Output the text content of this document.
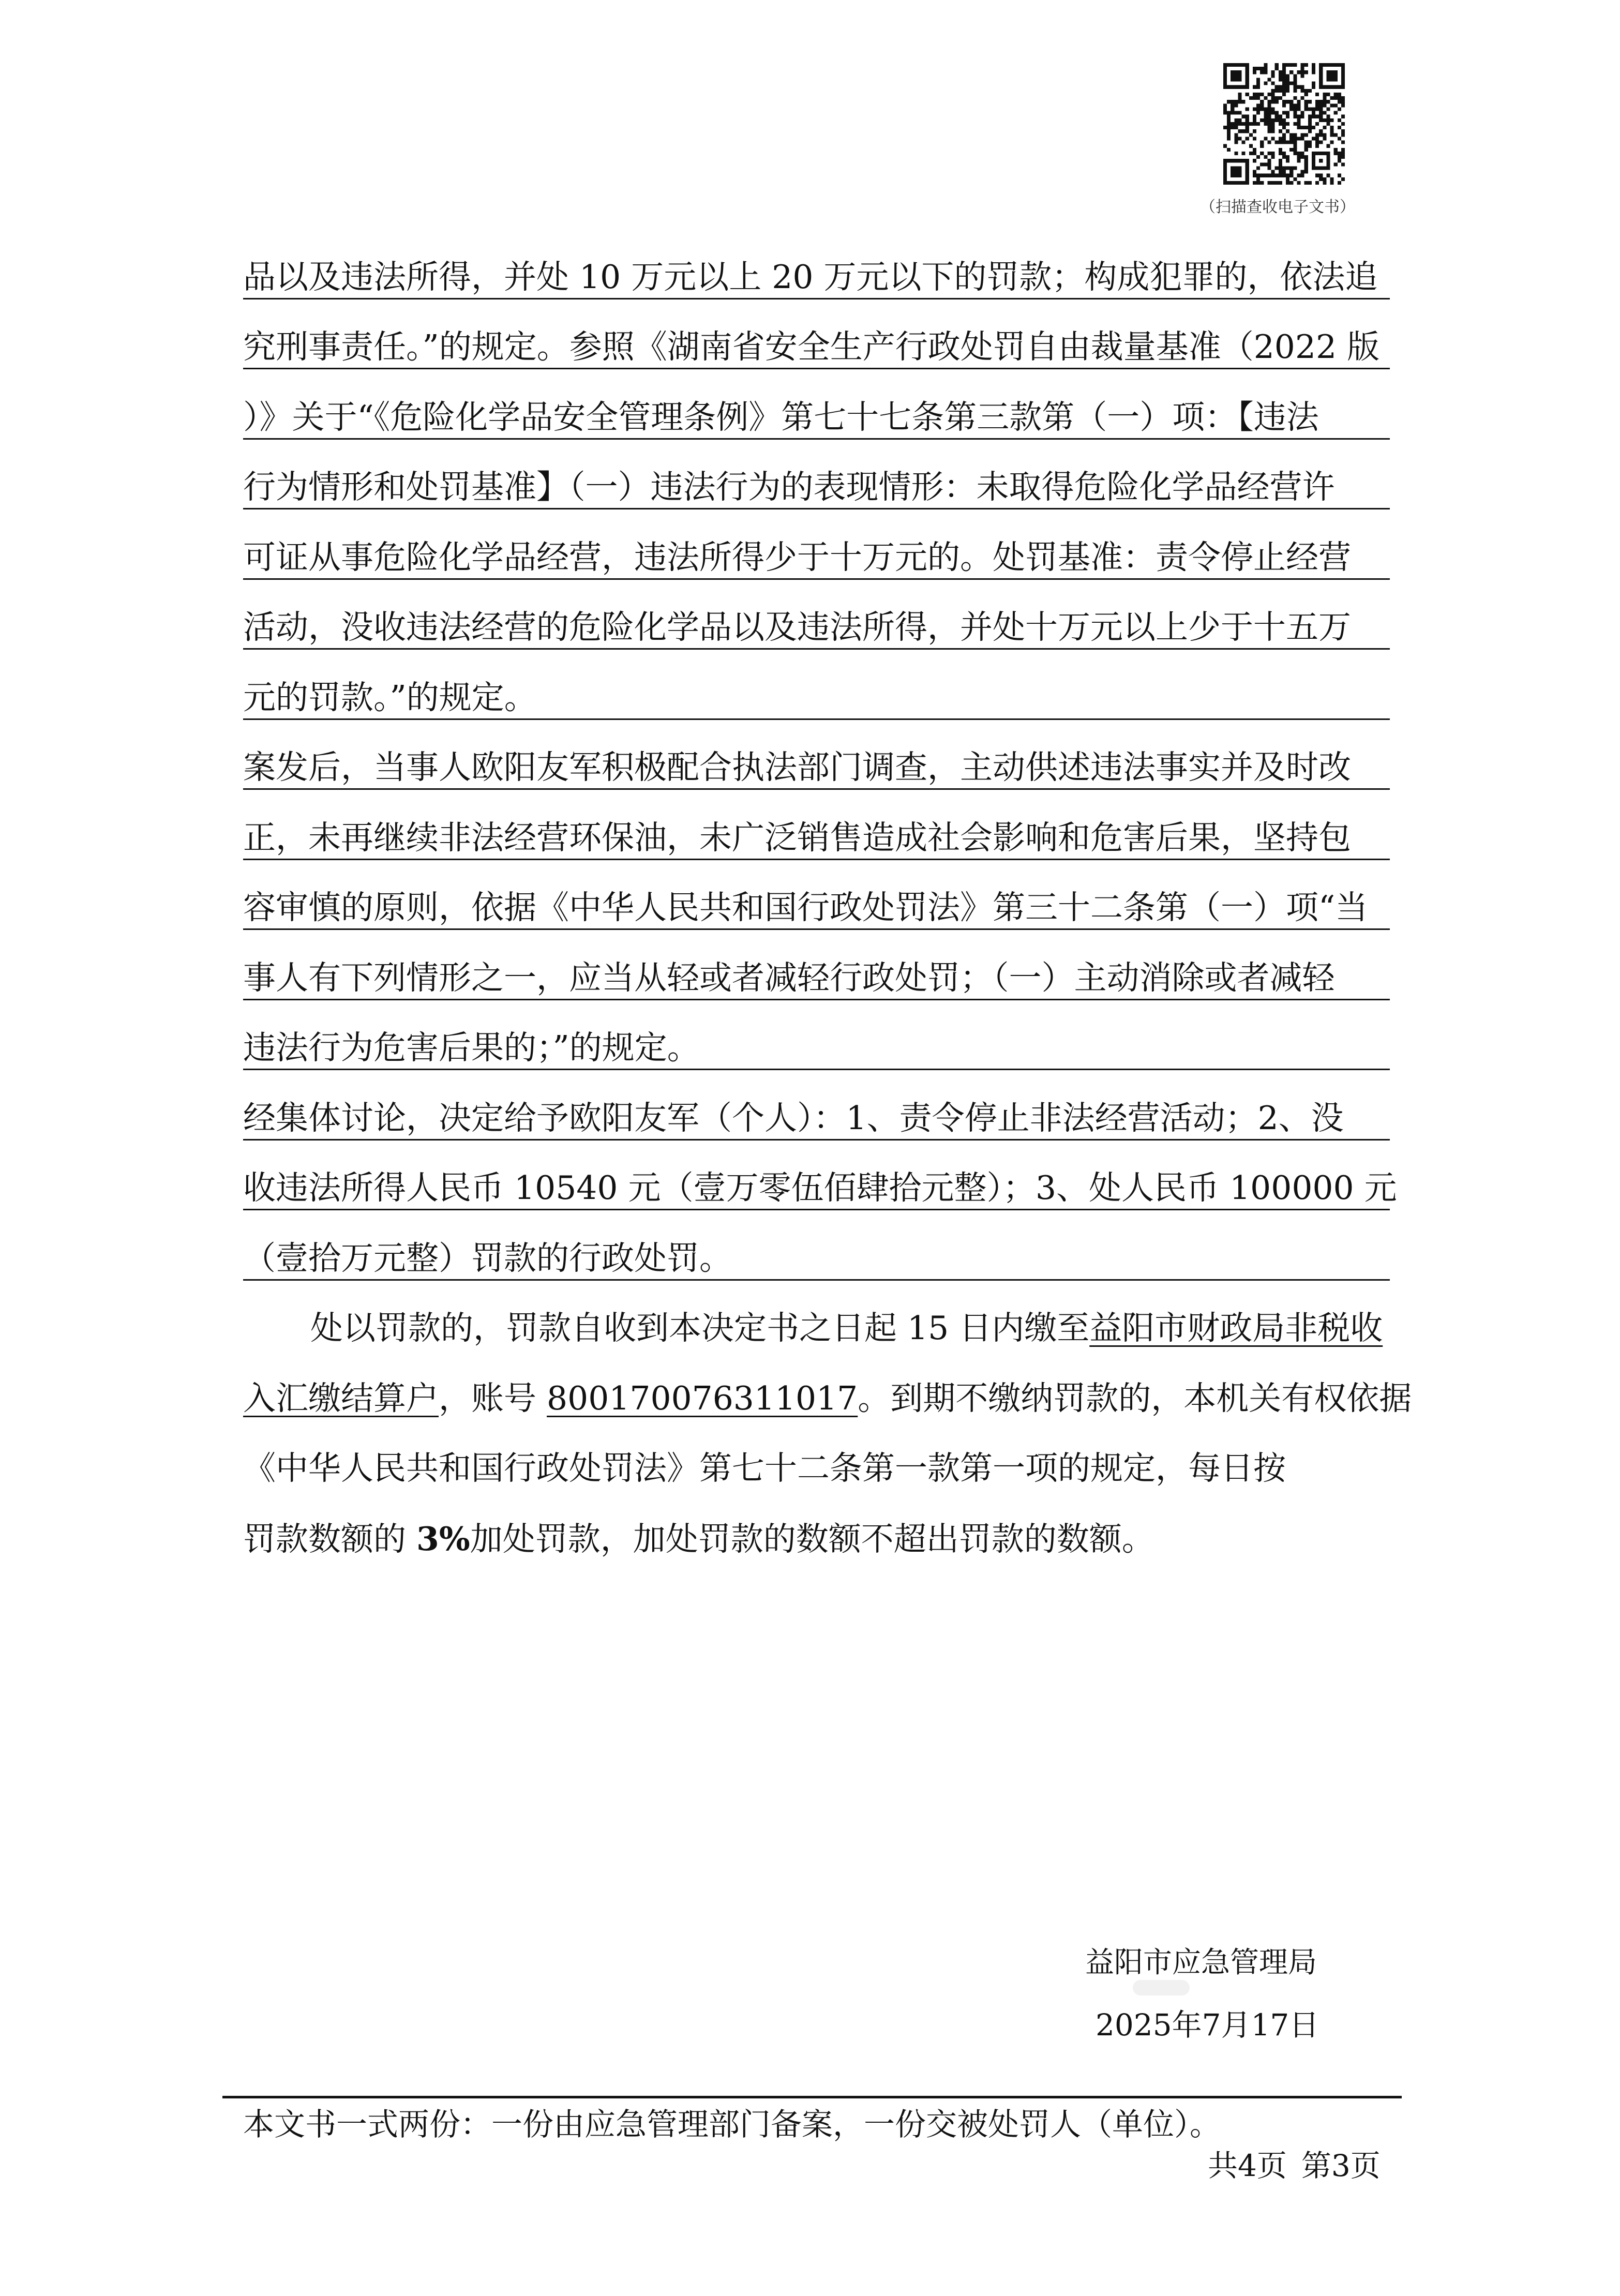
（扫描查收电子文书）
品以及违法所得，并处 10 万元以上 20 万元以下的罚款；构成犯罪的，依法追
究刑事责任。”的规定。参照《湖南省安全生产行政处罚自由裁量基准（2022 版
）》关于“《危险化学品安全管理条例》第七十七条第三款第（一）项：【违法
行为情形和处罚基准】（一）违法行为的表现情形：未取得危险化学品经营许
可证从事危险化学品经营，违法所得少于十万元的。处罚基准：责令停止经营
活动，没收违法经营的危险化学品以及违法所得，并处十万元以上少于十五万
元的罚款。”的规定。
案发后，当事人欧阳友军积极配合执法部门调查，主动供述违法事实并及时改
正，未再继续非法经营环保油，未广泛销售造成社会影响和危害后果，坚持包
容审慎的原则，依据《中华人民共和国行政处罚法》第三十二条第（一）项“当
事人有下列情形之一，应当从轻或者减轻行政处罚；（一）主动消除或者减轻
违法行为危害后果的；”的规定。
经集体讨论，决定给予欧阳友军（个人）：1、责令停止非法经营活动；2、没
收违法所得人民币 10540 元（壹万零伍佰肆拾元整）；3、处人民币 100000 元
（壹拾万元整）罚款的行政处罚。
处以罚款的，罚款自收到本决定书之日起 15 日内缴至益阳市财政局非税收
入汇缴结算户，账号 800170076311017。到期不缴纳罚款的，本机关有权依据
《中华人民共和国行政处罚法》第七十二条第一款第一项的规定，每日按
罚款数额的 3%加处罚款，加处罚款的数额不超出罚款的数额。
益阳市应急管理局
2025年7月17日
本文书一式两份：一份由应急管理部门备案，一份交被处罚人（单位）。
共4页 第3页
